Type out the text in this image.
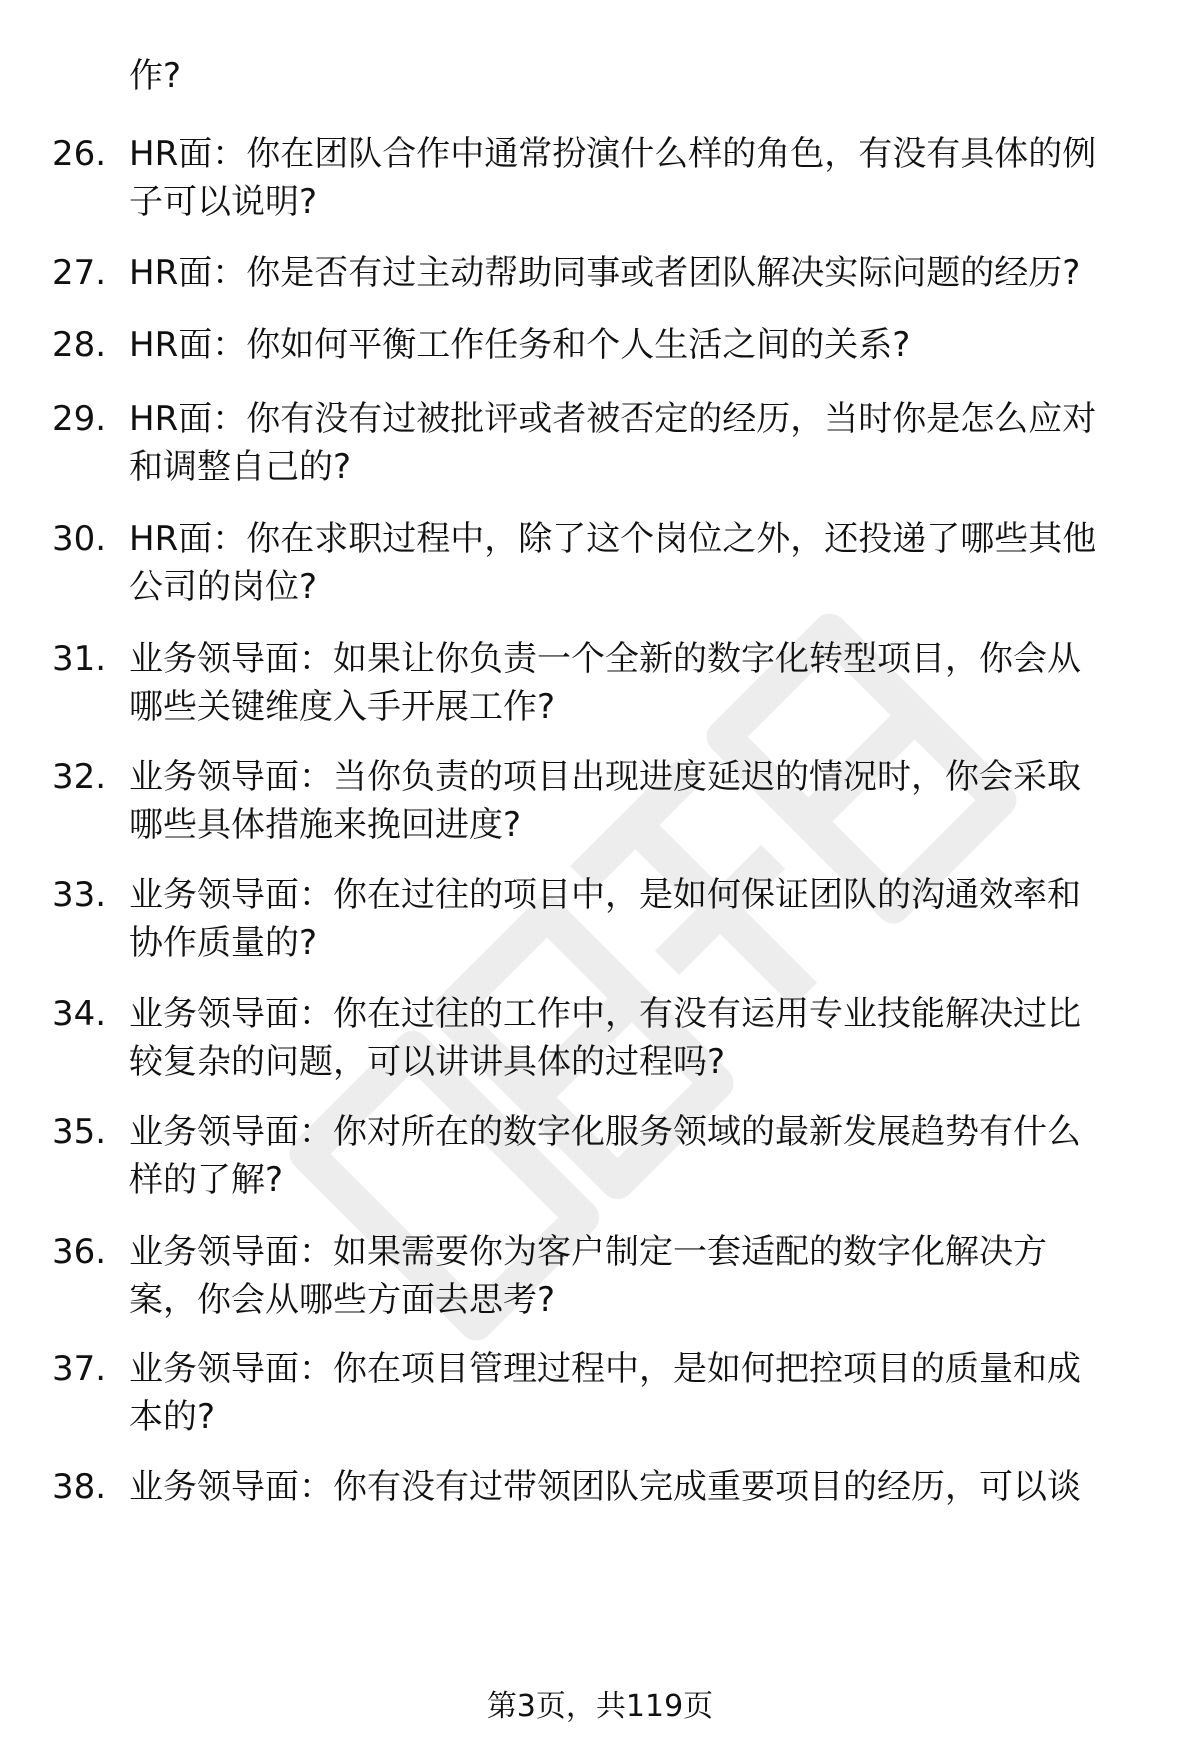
作?
26. HR面：你在团队合作中通常扮演什么样的角色，有没有具体的例
子可以说明?
27. HR面：你是否有过主动帮助同事或者团队解决实际问题的经历?
28. HR面：你如何平衡工作任务和个人生活之间的关系?
29. HR面：你有没有过被批评或者被否定的经历，当时你是怎么应对
和调整自己的?
30. HR面：你在求职过程中，除了这个岗位之外，还投递了哪些其他
公司的岗位?
31. 业务领导面：如果让你负责一个全新的数字化转型项目，你会从
哪些关键维度入手开展工作?
32. 业务领导面：当你负责的项目出现进度延迟的情况时，你会采取
哪些具体措施来挽回进度?
33. 业务领导面：你在过往的项目中，是如何保证团队的沟通效率和
协作质量的?
34. 业务领导面：你在过往的工作中，有没有运用专业技能解决过比
较复杂的问题，可以讲讲具体的过程吗?
35. 业务领导面：你对所在的数字化服务领域的最新发展趋势有什么
样的了解?
36. 业务领导面：如果需要你为客户制定一套适配的数字化解决方
案，你会从哪些方面去思考?
37. 业务领导面：你在项目管理过程中，是如何把控项目的质量和成
本的?
38. 业务领导面：你有没有过带领团队完成重要项目的经历，可以谈
第3页，共119页
